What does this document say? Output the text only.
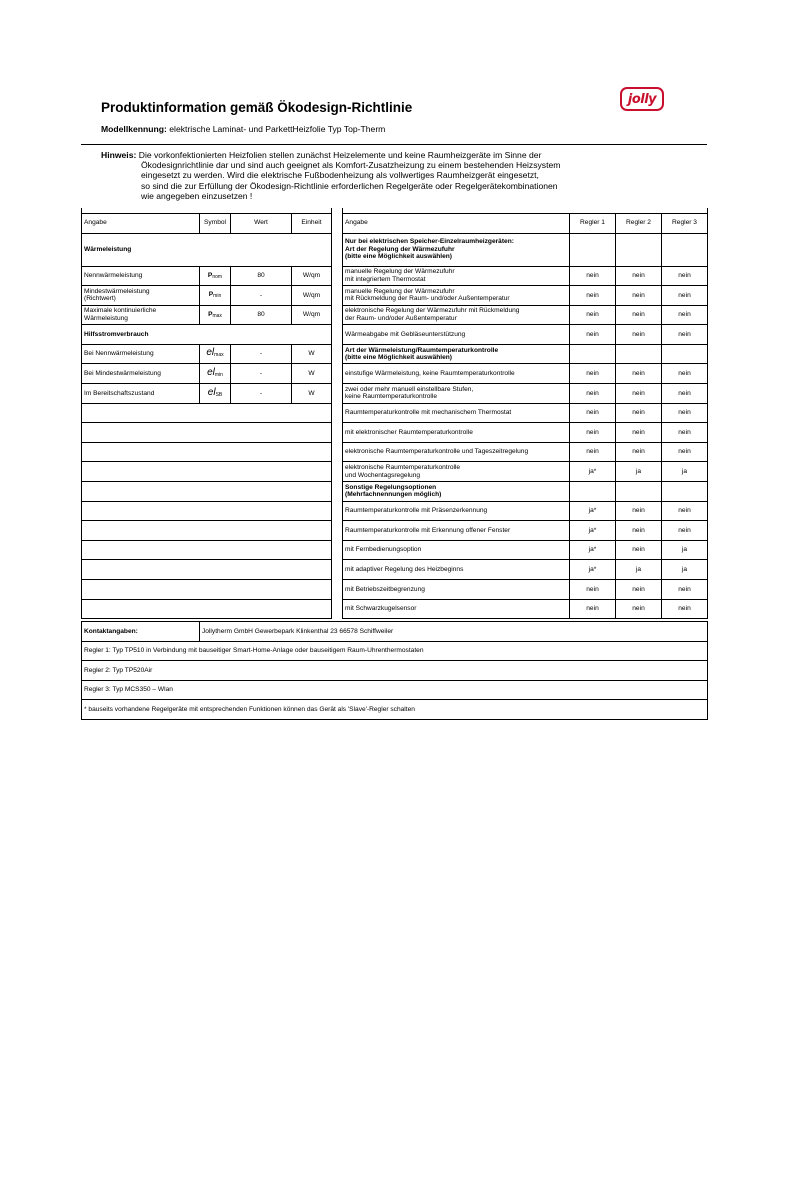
Produktinformation gemäß Ökodesign-Richtlinie
jolly
Modellkennung: elektrische Laminat- und ParkettHeizfolie Typ Top-Therm
Hinweis: Die vorkonfektionierten Heizfolien stellen zunächst Heizelemente und keine Raumheizgeräte im Sinne der
Ökodesignrichtlinie dar und sind auch geeignet als Komfort-Zusatzheizung zu einem bestehenden Heizsystem
eingesetzt zu werden. Wird die elektrische Fußbodenheizung als vollwertiges Raumheizgerät eingesetzt,
so sind die zur Erfüllung der Ökodesign-Richtlinie erforderlichen Regelgeräte oder Regelgerätekombinationen
wie angegeben einzusetzen !

Angabe	Symbol	Wert	Einheit		Angabe	Regler 1	Regler 2	Regler 3
Wärmeleistung					Nur bei elektrischen Speicher-Einzelraumheizgeräten:
Art der Regelung der Wärmezufuhr
(bitte eine Möglichkeit auswählen)			
Nennwärmeleistung	$P_{nom}$	80	W/qm		manuelle Regelung der Wärmezufuhr
mit integriertem Thermostat	nein	nein	nein
Mindestwärmeleistung
(Richtwert)	$P_{min}$	-	W/qm		manuelle Regelung der Wärmezufuhr
mit Rückmeldung der Raum- und/oder Außentemperatur	nein	nein	nein
Maximale kontinuierliche
Wärmeleistung	$P_{max}$	80	W/qm		elektronische Regelung der Wärmezufuhr mit Rückmeldung
der Raum- und/oder Außentemperatur	nein	nein	nein
Hilfsstromverbrauch					Wärmeabgabe mit Gebläseunterstützung	nein	nein	nein
Bei Nennwärmeleistung	$el_{max}$	-	W		Art der Wärmeleistung/Raumtemperaturkontrolle
(bitte eine Möglichkeit auswählen)			
Bei Mindestwärmeleistung	$el_{min}$	-	W		einstufige Wärmeleistung, keine Raumtemperaturkontrolle	nein	nein	nein
Im Bereitschaftszustand	$el_{SB}$	-	W		zwei oder mehr manuell einstellbare Stufen,
keine Raumtemperaturkontrolle	nein	nein	nein
					Raumtemperaturkontrolle mit mechanischem Thermostat	nein	nein	nein
					mit elektronischer Raumtemperaturkontrolle	nein	nein	nein
					elektronische Raumtemperaturkontrolle und Tageszeitregelung	nein	nein	nein
					elektronische Raumtemperaturkontrolle
und Wochentagsregelung	ja*	ja	ja
					Sonstige Regelungsoptionen
(Mehrfachnennungen möglich)			
					Raumtemperaturkontrolle mit Präsenzerkennung	ja*	nein	nein
					Raumtemperaturkontrolle mit Erkennung offener Fenster	ja*	nein	nein
					mit Fernbedienungsoption	ja*	nein	ja
					mit adaptiver Regelung des Heizbeginns	ja*	ja	ja
					mit Betriebszeitbegrenzung	nein	nein	nein
					mit Schwarzkugelsensor	nein	nein	nein
Kontaktangaben:	Jollytherm GmbH Gewerbepark Klinkenthal 23 66578 Schiffweiler
Regler 1: Typ TP510 in Verbindung mit bauseitiger Smart-Home-Anlage oder bauseitigem Raum-Uhrenthermostaten
Regler 2: Typ TP520Air
Regler 3: Typ MCS350 – Wlan
* bauseits vorhandene Regelgeräte mit entsprechenden Funktionen können das Gerät als 'Slave'-Regler schalten
